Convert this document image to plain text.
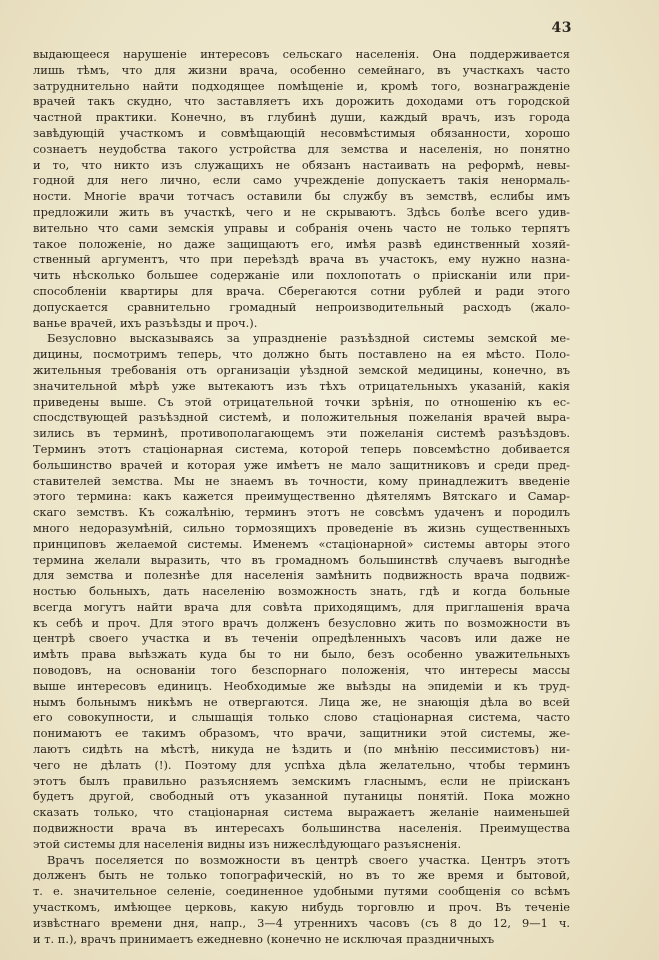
43
выдающееся нарушеніе интересовъ сельскаго населенія. Она поддерживается
лишь тѣмъ, что для жизни врача, особенно семейнаго, въ участкахъ часто
затруднительно найти подходящее помѣщеніе и, кромѣ того, вознагражденіе
врачей такъ скудно, что заставляетъ ихъ дорожить доходами отъ городской
частной практики. Конечно, въ глубинѣ души, каждый врачъ, изъ города
завѣдующій участкомъ и совмѣщающій несовмѣстимыя обязанности, хорошо
сознаетъ неудобства такого устройства для земства и населенія, но понятно
и то, что никто изъ служащихъ не обязанъ настаивать на реформѣ, невы-
годной для него лично, если само учрежденіе допускаетъ такія ненормаль-
ности. Многіе врачи тотчасъ оставили бы службу въ земствѣ, еслибы имъ
предложили жить въ участкѣ, чего и не скрываютъ. Здѣсь болѣе всего удив-
вительно что сами земскія управы и собранія очень часто не только терпятъ
такое положеніе, но даже защищаютъ его, имѣя развѣ единственный хозяй-
ственный аргументъ, что при переѣздѣ врача въ участокъ, ему нужно назна-
чить нѣсколько большее содержаніе или похлопотать о пріисканіи или при-
способленіи квартиры для врача. Сберегаются сотни рублей и ради этого
допускается сравнительно громадный непроизводительный расходъ (жало-
ванье врачей, ихъ разъѣзды и проч.).
Безусловно высказываясь за упраздненіе разъѣздной системы земской ме-
дицины, посмотримъ теперь, что должно быть поставлено на ея мѣсто. Поло-
жительныя требованія отъ организаціи уѣздной земской медицины, конечно, въ
значительной мѣрѣ уже вытекаютъ изъ тѣхъ отрицательныхъ указаній, какія
приведены выше. Съ этой отрицательной точки зрѣнія, по отношенію къ ес-
спосдствующей разъѣздной системѣ, и положительныя пожеланія врачей выра-
зились въ терминѣ, противополагающемъ эти пожеланія системѣ разъѣздовъ.
Терминъ этотъ стаціонарная система, которой теперь повсемѣстно добивается
большинство врачей и которая уже имѣетъ не мало защитниковъ и среди пред-
ставителей земства. Мы не знаемъ въ точности, кому принадлежитъ введеніе
этого термина: какъ кажется преимущественно дѣятелямъ Вятскаго и Самар-
скаго земствъ. Къ сожалѣнію, терминъ этотъ не совсѣмъ удаченъ и породилъ
много недоразумѣній, сильно тормозящихъ проведеніе въ жизнь существенныхъ
принциповъ желаемой системы. Именемъ «стаціонарной» системы авторы этого
термина желали выразить, что въ громадномъ большинствѣ случаевъ выгоднѣе
для земства и полезнѣе для населенія замѣнить подвижность врача подвиж-
ностью больныхъ, дать населенію возможность знать, гдѣ и когда больные
всегда могутъ найти врача для совѣта приходящимъ, для приглашенія врача
къ себѣ и проч. Для этого врачъ долженъ безусловно жить по возможности въ
центрѣ своего участка и въ теченіи опредѣленныхъ часовъ или даже не
имѣть права выѣзжать куда бы то ни было, безъ особенно уважительныхъ
поводовъ, на основаніи того безспорнаго положенія, что интересы массы
выше интересовъ единицъ. Необходимые же выѣзды на эпидеміи и къ труд-
нымъ больнымъ никѣмъ не отвергаются. Лица же, не знающія дѣла во всей
его совокупности, и слышащія только слово стаціонарная система, часто
понимаютъ ее такимъ образомъ, что врачи, защитники этой системы, же-
лаютъ сидѣть на мѣстѣ, никуда не ѣздить и (по мнѣнію пессимистовъ) ни-
чего не дѣлать (!). Поэтому для успѣха дѣла желательно, чтобы терминъ
этотъ былъ правильно разъясняемъ земскимъ гласнымъ, если не пріисканъ
будетъ другой, свободный отъ указанной путаницы понятій. Пока можно
сказать только, что стаціонарная система выражаетъ желаніе наименьшей
подвижности врача въ интересахъ большинства населенія. Преимущества
этой системы для населенія видны изъ нижеслѣдующаго разъясненія.
Врачъ поселяется по возможности въ центрѣ своего участка. Центръ этотъ
долженъ быть не только топографическій, но въ то же время и бытовой,
т. е. значительное селеніе, соединенное удобными путями сообщенія со всѣмъ
участкомъ, имѣющее церковь, какую нибудь торговлю и проч. Въ теченіе
извѣстнаго времени дня, напр., 3—4 утреннихъ часовъ (съ 8 до 12, 9—1 ч.
и т. п.), врачъ принимаетъ ежедневно (конечно не исключая праздничныхъ
